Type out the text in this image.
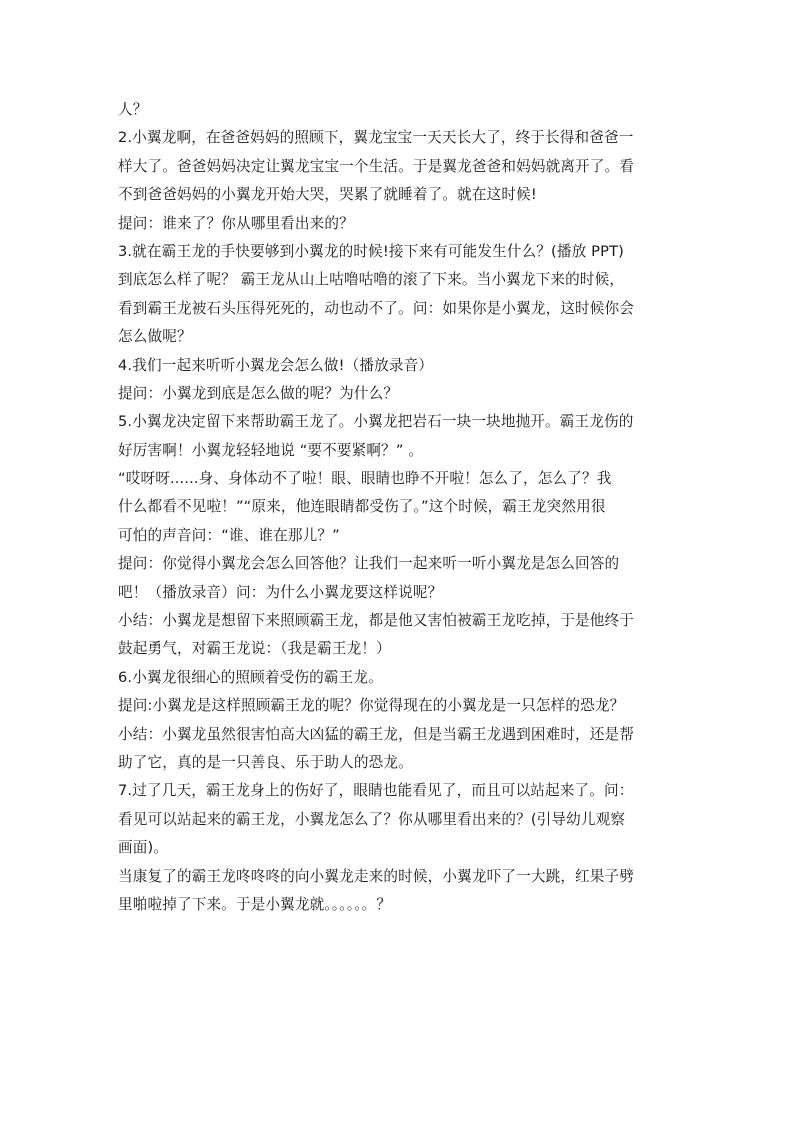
人？
2.小翼龙啊，在爸爸妈妈的照顾下，翼龙宝宝一天天长大了，终于长得和爸爸一
样大了。爸爸妈妈决定让翼龙宝宝一个生活。于是翼龙爸爸和妈妈就离开了。看
不到爸爸妈妈的小翼龙开始大哭，哭累了就睡着了。就在这时候!
提问：谁来了？你从哪里看出来的？
3.就在霸王龙的手快要够到小翼龙的时候!接下来有可能发生什么？(播放 PPT)
到底怎么样了呢？ 霸王龙从山上咕噜咕噜的滚了下来。当小翼龙下来的时候，
看到霸王龙被石头压得死死的，动也动不了。问：如果你是小翼龙，这时候你会
怎么做呢？
4.我们一起来听听小翼龙会怎么做!（播放录音）
提问：小翼龙到底是怎么做的呢？为什么？
5.小翼龙决定留下来帮助霸王龙了。小翼龙把岩石一块一块地抛开。霸王龙伤的
好厉害啊！小翼龙轻轻地说 “要不要紧啊？” 。
“哎呀呀......身、身体动不了啦！眼、眼睛也睁不开啦！怎么了，怎么了？我
什么都看不见啦！”“原来，他连眼睛都受伤了。”这个时候，霸王龙突然用很
可怕的声音问：“谁、谁在那儿？”
提问：你觉得小翼龙会怎么回答他？让我们一起来听一听小翼龙是怎么回答的
吧！（播放录音）问：为什么小翼龙要这样说呢？
小结：小翼龙是想留下来照顾霸王龙，都是他又害怕被霸王龙吃掉，于是他终于
鼓起勇气，对霸王龙说：（我是霸王龙！）
6.小翼龙很细心的照顾着受伤的霸王龙。
提问:小翼龙是这样照顾霸王龙的呢？你觉得现在的小翼龙是一只怎样的恐龙？
小结：小翼龙虽然很害怕高大凶猛的霸王龙，但是当霸王龙遇到困难时，还是帮
助了它，真的是一只善良、乐于助人的恐龙。
7.过了几天，霸王龙身上的伤好了，眼睛也能看见了，而且可以站起来了。问：
看见可以站起来的霸王龙，小翼龙怎么了？你从哪里看出来的？(引导幼儿观察
画面)。
当康复了的霸王龙咚咚咚的向小翼龙走来的时候，小翼龙吓了一大跳，红果子劈
里啪啦掉了下来。于是小翼龙就。。。。。。？
